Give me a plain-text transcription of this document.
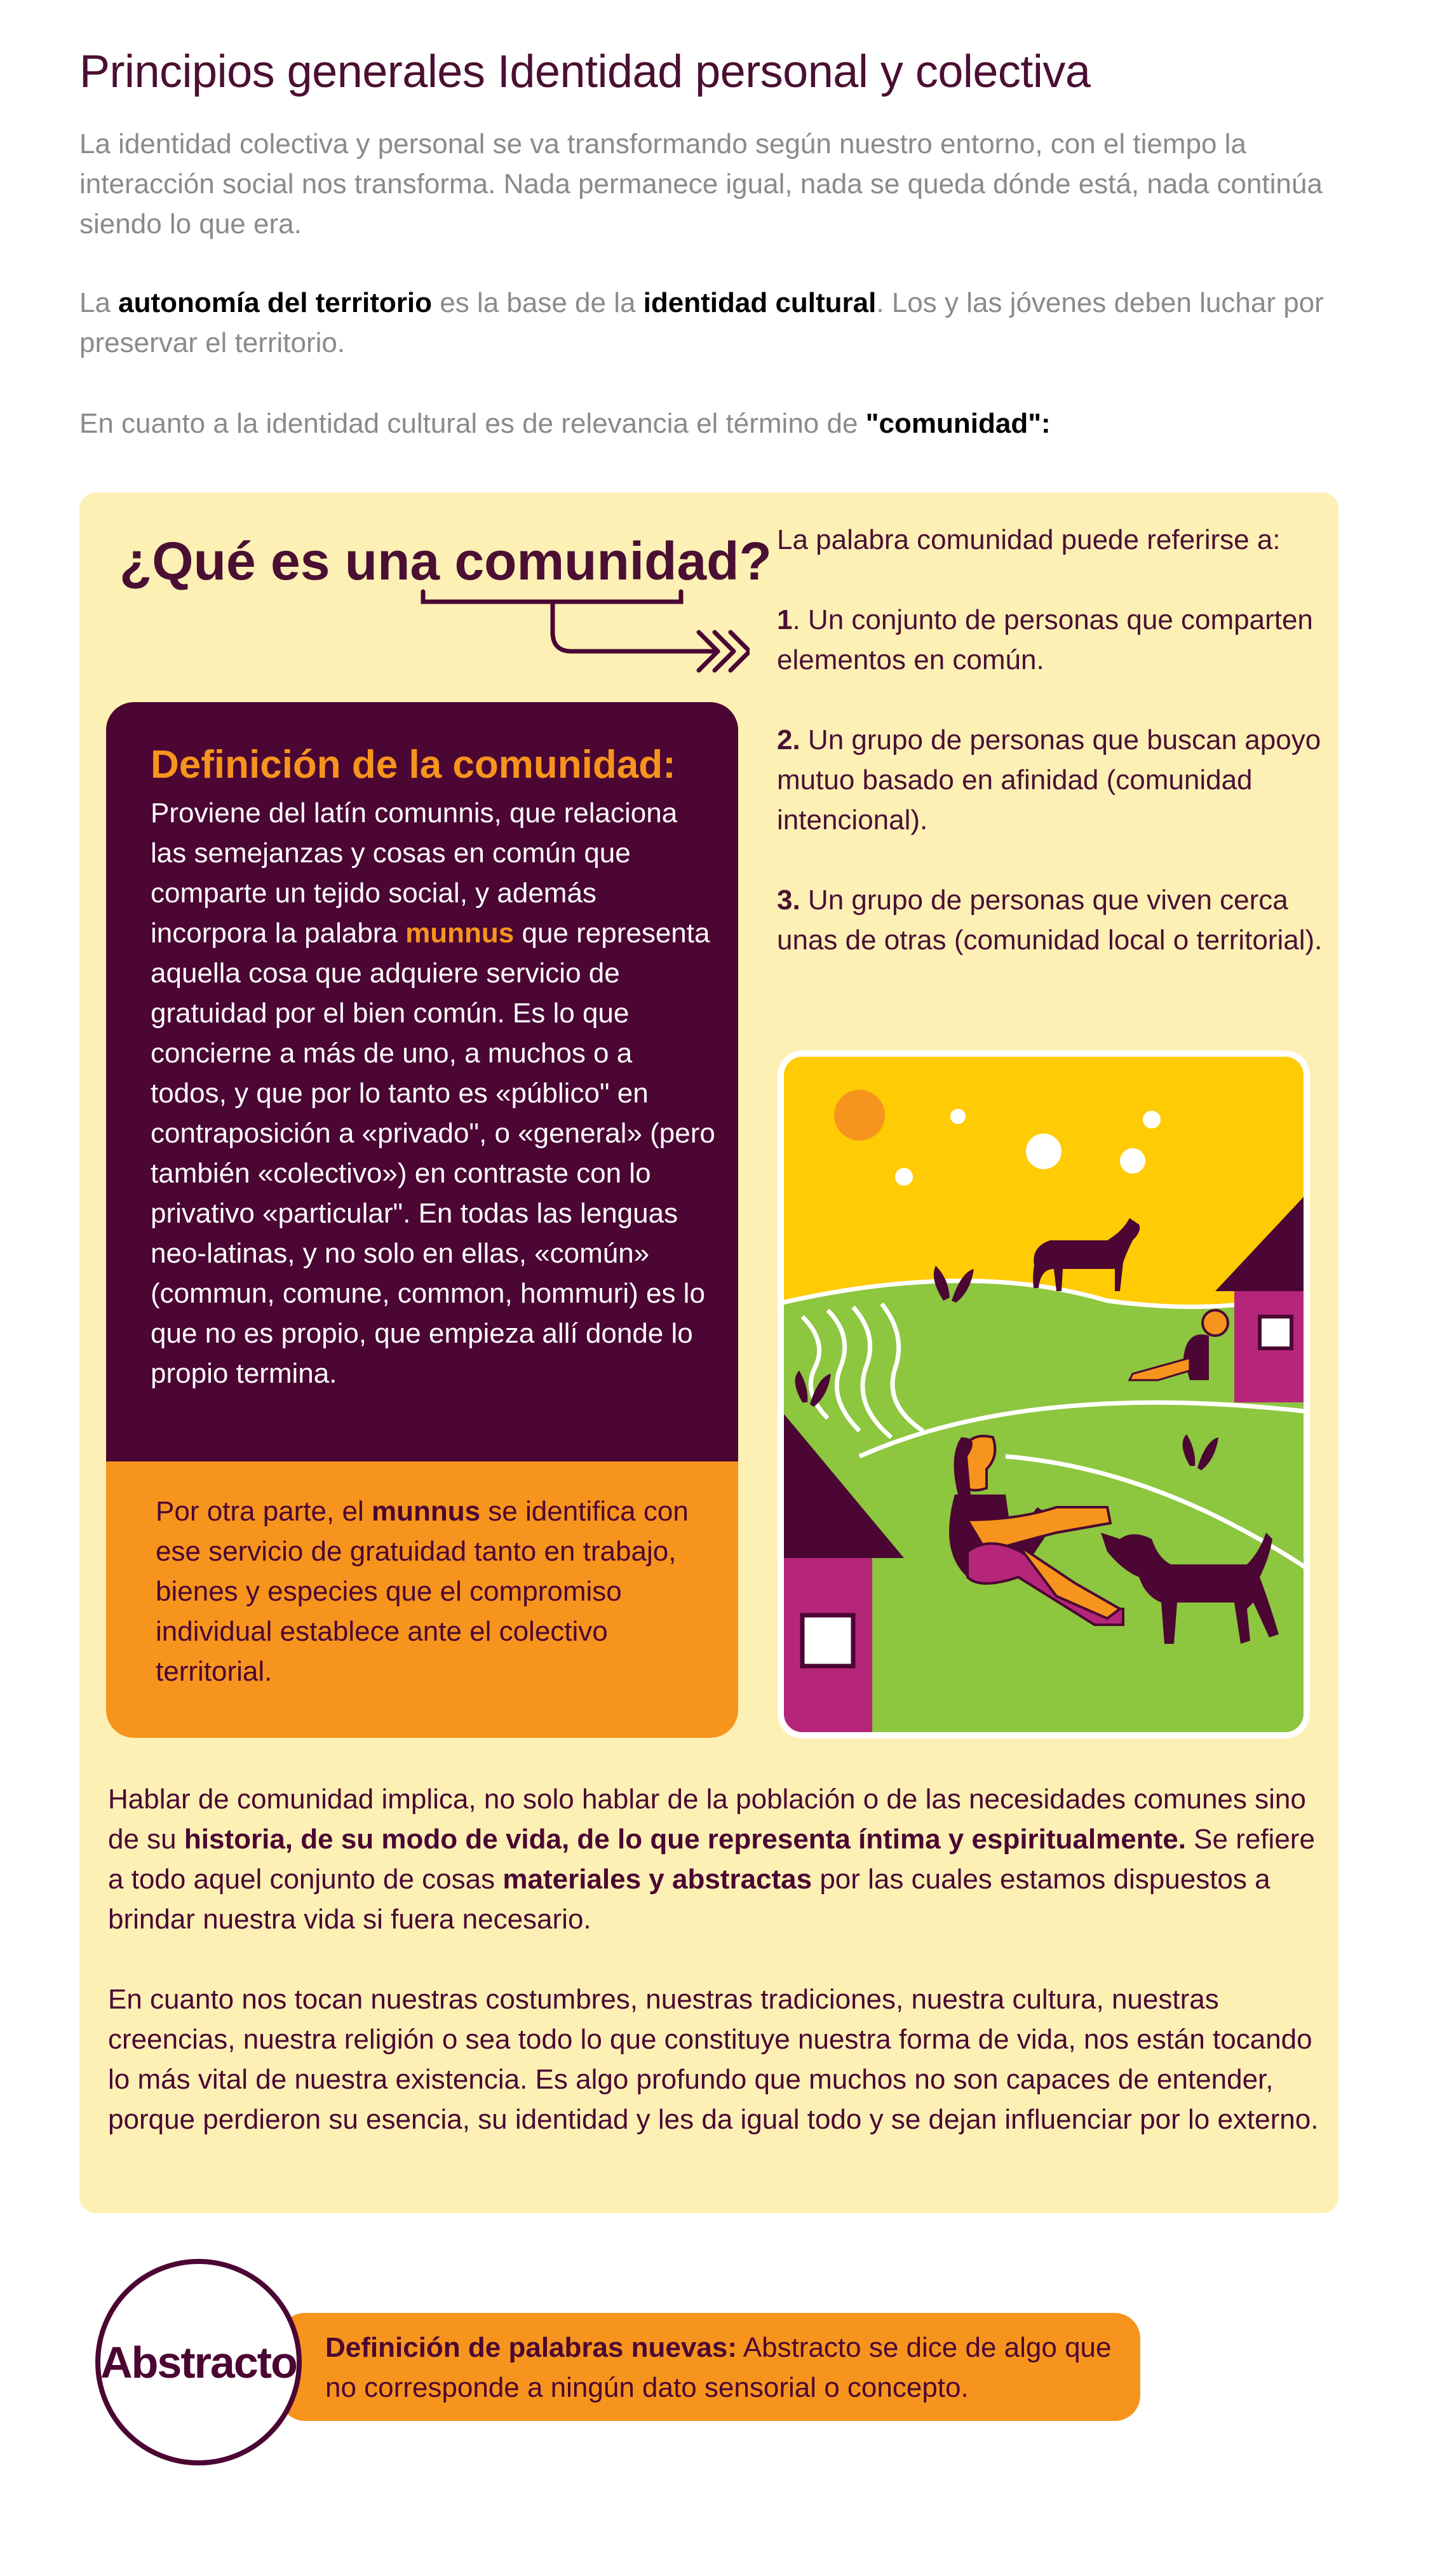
Principios generales Identidad personal y colectiva
La identidad colectiva y personal se va transformando según nuestro entorno, con el tiempo la interacción social nos transforma. Nada permanece igual, nada se queda dónde está, nada continúa siendo lo que era.
La autonomía del territorio es la base de la identidad cultural. Los y las jóvenes deben luchar por preservar el territorio.
En cuanto a la identidad cultural es de relevancia el término de "comunidad":
¿Qué es una comunidad? La palabra comunidad puede referirse a:

1. Un conjunto de personas que comparten elementos en común.

2. Un grupo de personas que buscan apoyo mutuo basado en afinidad (comunidad intencional).

3. Un grupo de personas que viven cerca unas de otras (comunidad local o territorial).

Definición de la comunidad:
Proviene del latín comunnis, que relaciona las semejanzas y cosas en común que comparte un tejido social, y además incorpora la palabra munnus que representa aquella cosa que adquiere servicio de gratuidad por el bien común. Es lo que concierne a más de uno, a muchos o a todos, y que por lo tanto es «público" en contraposición a «privado", o «general» (pero también «colectivo») en contraste con lo privativo «particular". En todas las lenguas neo-latinas, y no solo en ellas, «común» (commun, comune, common, hommuri) es lo que no es propio, que empieza allí donde lo propio termina.
Por otra parte, el munnus se identifica con ese servicio de gratuidad tanto en trabajo, bienes y especies que el compromiso individual establece ante el colectivo territorial.
Hablar de comunidad implica, no solo hablar de la población o de las necesidades comunes sino de su historia, de su modo de vida, de lo que representa íntima y espiritualmente. Se refiere a todo aquel conjunto de cosas materiales y abstractas por las cuales estamos dispuestos a brindar nuestra vida si fuera necesario.
En cuanto nos tocan nuestras costumbres, nuestras tradiciones, nuestra cultura, nuestras creencias, nuestra religión o sea todo lo que constituye nuestra forma de vida, nos están tocando lo más vital de nuestra existencia. Es algo profundo que muchos no son capaces de entender, porque perdieron su esencia, su identidad y les da igual todo y se dejan influenciar por lo externo.
Abstracto Definición de palabras nuevas: Abstracto se dice de algo que no corresponde a ningún dato sensorial o concepto.
